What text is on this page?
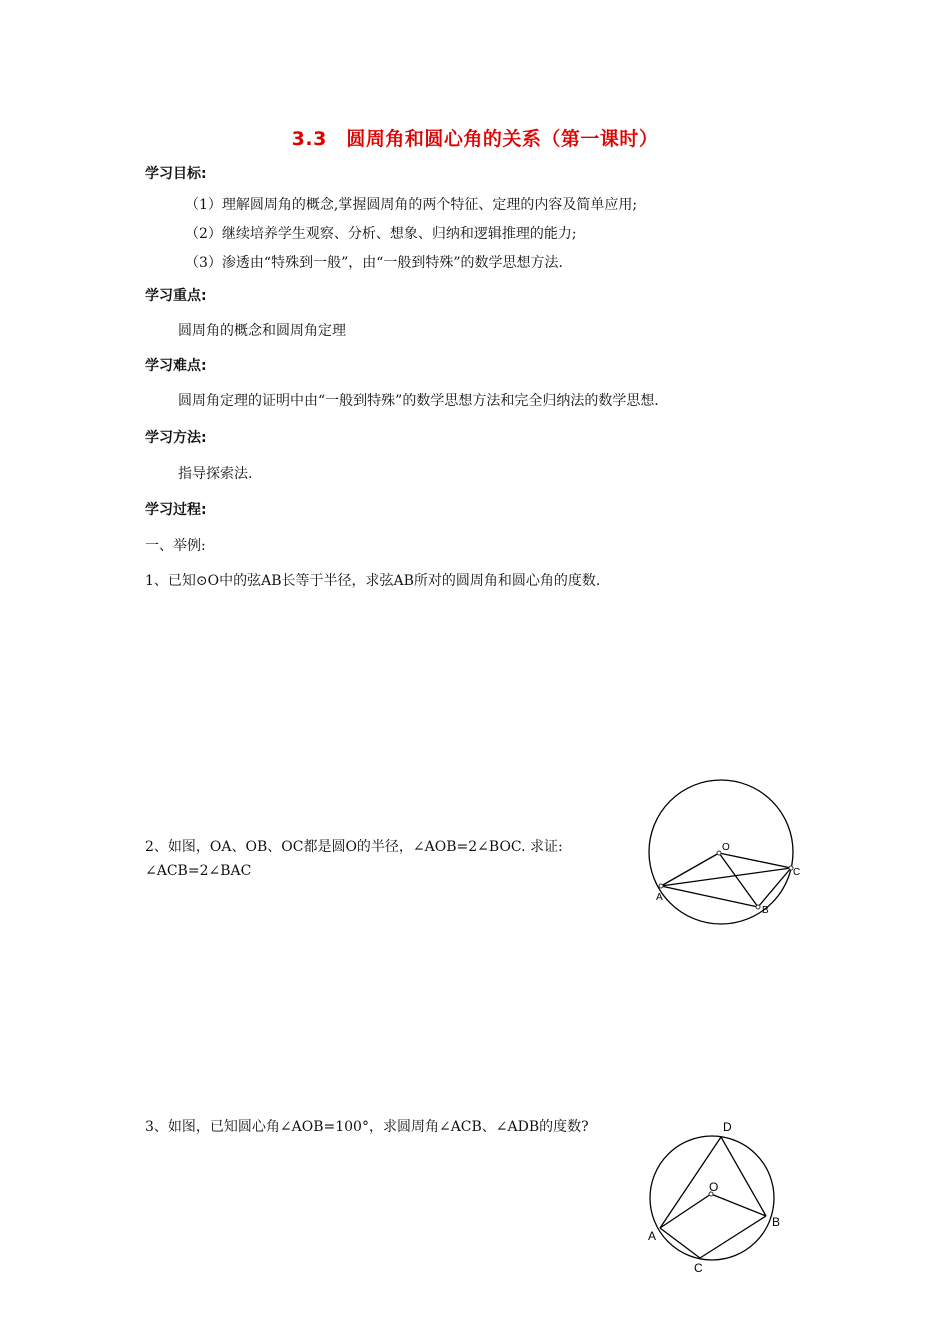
3.3　圆周角和圆心角的关系（第一课时）
学习目标:
（1）理解圆周角的概念,掌握圆周角的两个特征、定理的内容及简单应用;
（2）继续培养学生观察、分析、想象、归纳和逻辑推理的能力;
（3）渗透由“特殊到一般”，由“一般到特殊”的数学思想方法.
学习重点:
圆周角的概念和圆周角定理
学习难点:
圆周角定理的证明中由“一般到特殊”的数学思想方法和完全归纳法的数学思想.
学习方法:
指导探索法.
学习过程:
一、举例:
1、已知⊙O中的弦AB长等于半径，求弦AB所对的圆周角和圆心角的度数.
2、如图，OA、OB、OC都是圆O的半径，∠AOB=2∠BOC. 求证:
∠ACB=2∠BAC
3、如图，已知圆心角∠AOB=100°，求圆周角∠ACB、∠ADB的度数?
O
A
B
C
D
O
A
B
C
